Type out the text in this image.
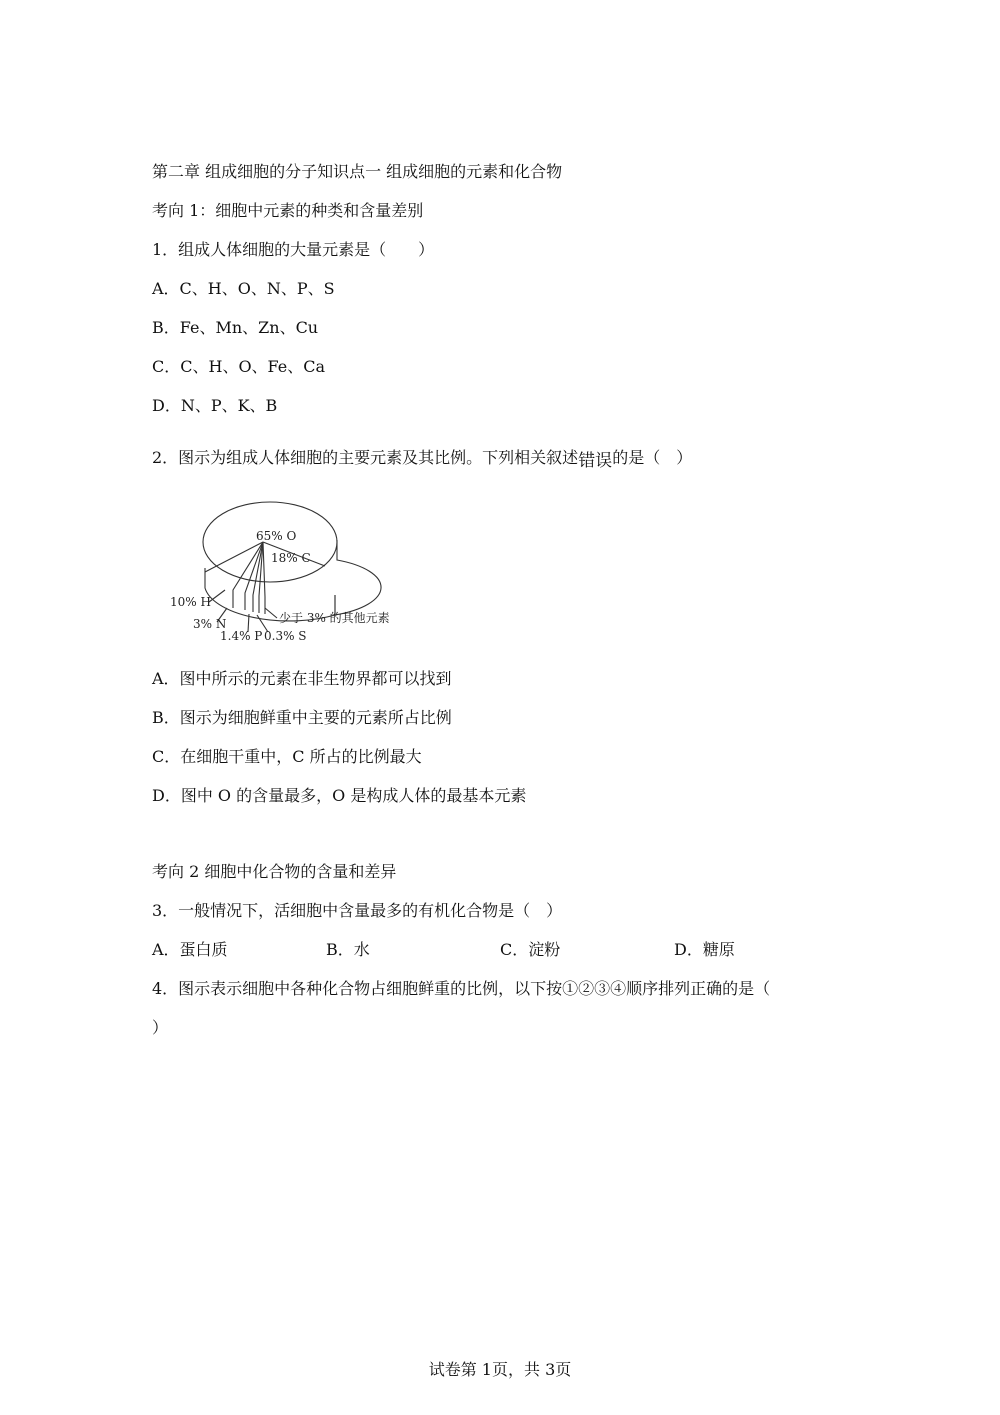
第二章 组成细胞的分子知识点一 组成细胞的元素和化合物
考向 1：细胞中元素的种类和含量差别
1．组成人体细胞的大量元素是（　　）
A．C、H、O、N、P、S
B．Fe、Mn、Zn、Cu
C．C、H、O、Fe、Ca
D．N、P、K、B
2．图示为组成人体细胞的主要元素及其比例。下列相关叙述错误的是（　）
65% O
18% C
10% H
3% N
1.4% P 0.3% S
少于 3% 的其他元素
A．图中所示的元素在非生物界都可以找到
B．图示为细胞鲜重中主要的元素所占比例
C．在细胞干重中，C 所占的比例最大
D．图中 O 的含量最多，O 是构成人体的最基本元素
考向 2 细胞中化合物的含量和差异
3．一般情况下，活细胞中含量最多的有机化合物是（　）
A．蛋白质	B．水	C．淀粉	D．糖原
4．图示表示细胞中各种化合物占细胞鲜重的比例，以下按①②③④顺序排列正确的是（
）
试卷第 1页，共 3页
